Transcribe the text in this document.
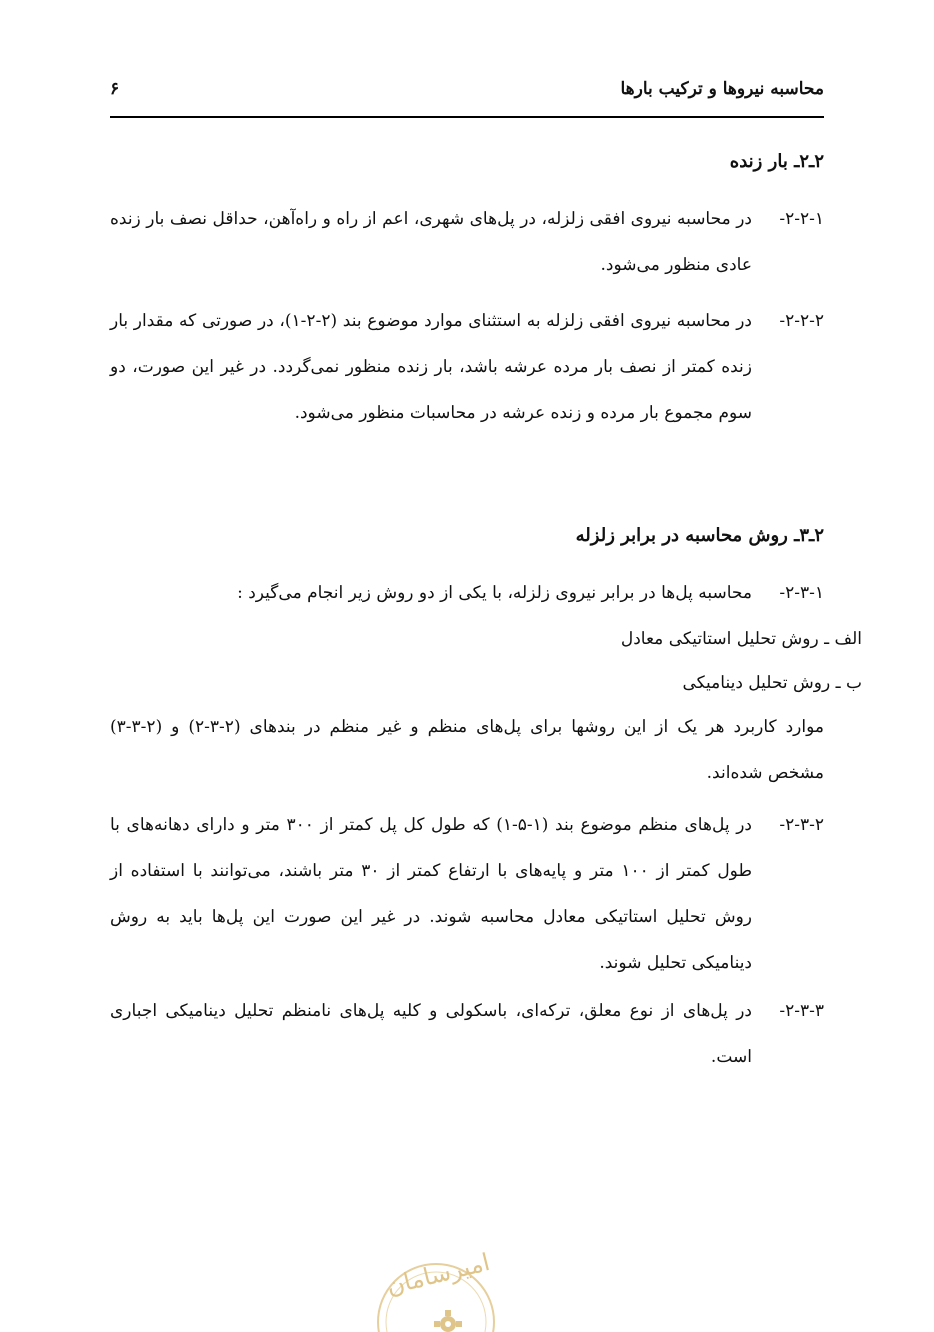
محاسبه نیروها و ترکیب بارها
۶
۲ـ۲ـ بار زنده
۲-۲-۱-
در محاسبه نیروی افقی زلزله، در پل‌های شهری، اعم از راه و راه‌آهن، حداقل نصف بار زنده عادی منظور می‌شود.
۲-۲-۲-
در محاسبه نیروی افقی زلزله به استثنای موارد موضوع بند (۲-۲-۱)، در صورتی که مقدار بار زنده کمتر از نصف بار مرده عرشه باشد، بار زنده منظور نمی‌گردد. در غیر این صورت، دو سوم مجموع بار مرده و زنده عرشه در محاسبات منظور می‌شود.
۲ـ۳ـ روش محاسبه در برابر زلزله
۲-۳-۱-
محاسبه پل‌ها در برابر نیروی زلزله، با یکی از دو روش زیر انجام می‌گیرد :
الف ـ روش تحلیل استاتیکی معادل
ب ـ روش تحلیل دینامیکی
موارد کاربرد هر یک از این روشها برای پل‌های منظم و غیر منظم در بندهای (۲-۳-۲) و (۲-۳-۳) مشخص شده‌اند.
۲-۳-۲-
در پل‌های منظم موضوع بند (۱-۵-۱) که طول کل پل کمتر از ۳۰۰ متر و دارای دهانه‌های با طول کمتر از ۱۰۰ متر و پایه‌های با ارتفاع کمتر از ۳۰ متر باشند، می‌توانند با استفاده از روش تحلیل استاتیکی معادل محاسبه شوند. در غیر این صورت این پل‌ها باید به روش دینامیکی تحلیل شوند.
۲-۳-۳-
در پل‌های از نوع معلق، ترکه‌ای، باسکولی و کلیه پل‌های نامنظم تحلیل دینامیکی اجباری است.
امیرسامان
